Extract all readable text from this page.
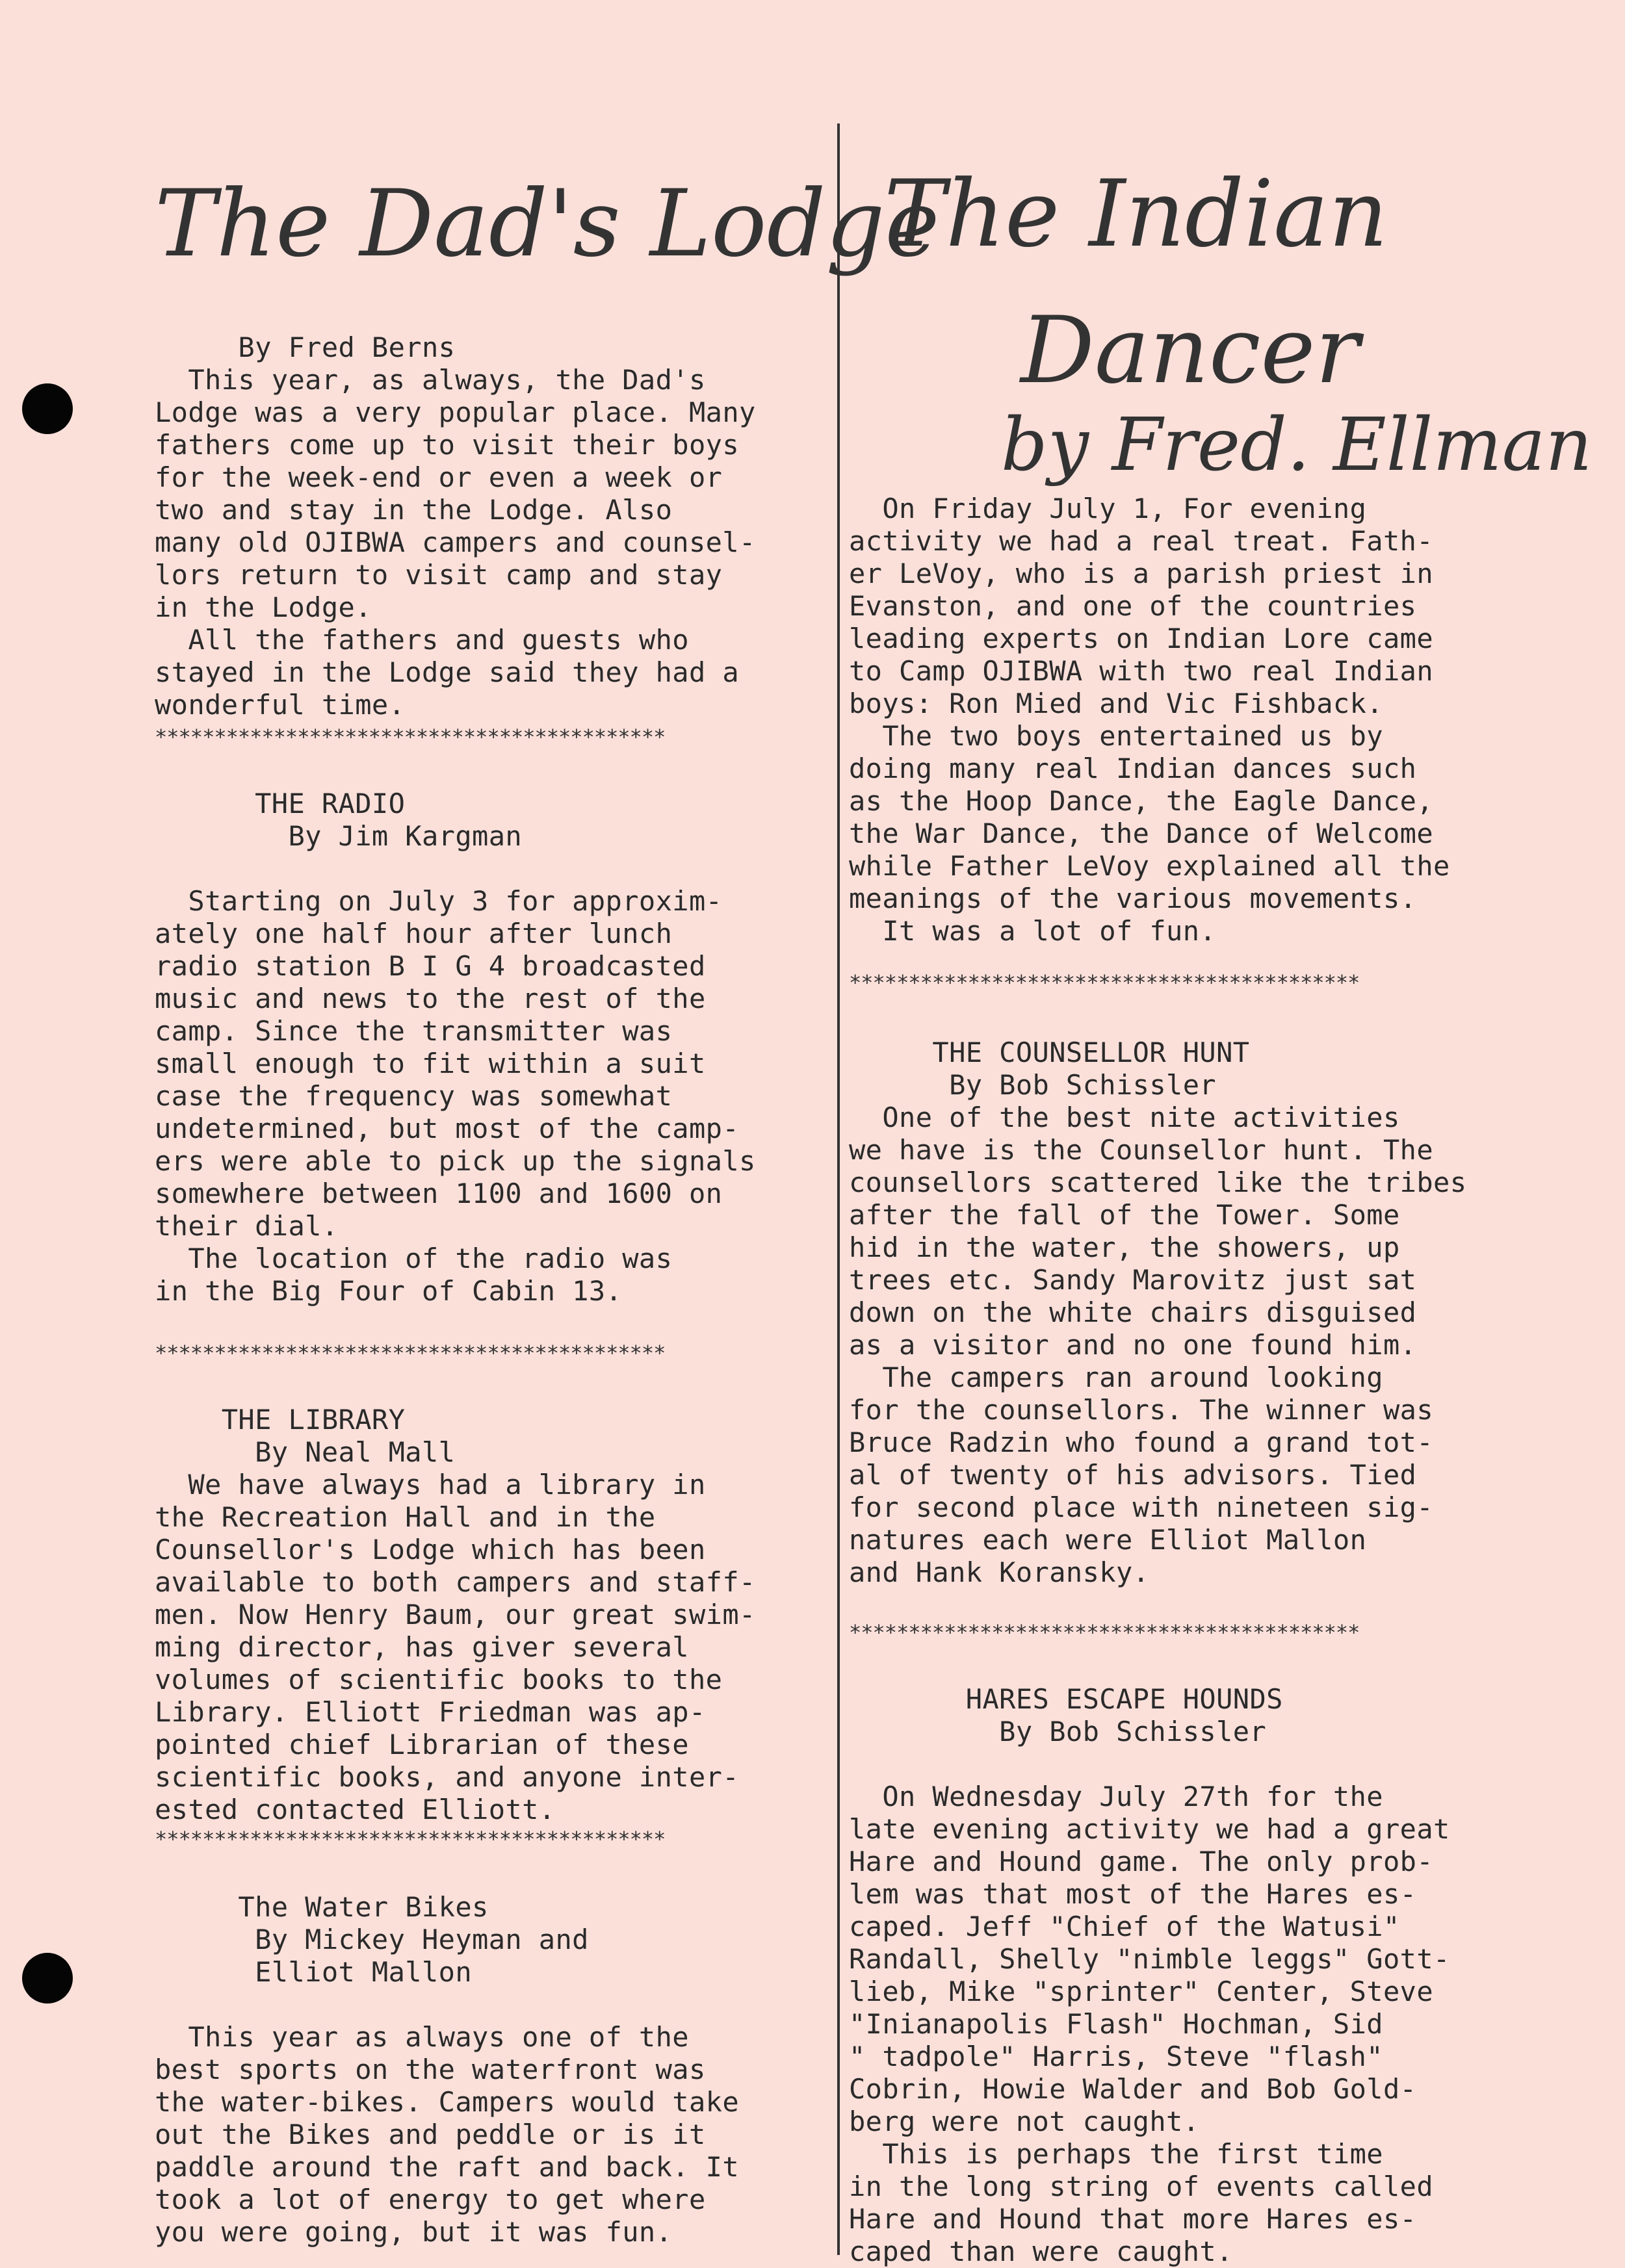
The Dad's Lodge
By Fred Berns
This year, as always, the Dad's
Lodge was a very popular place. Many
fathers come up to visit their boys
for the week-end or even a week or
two and stay in the Lodge. Also
many old OJIBWA campers and counsel-
lors return to visit camp and stay
in the Lodge.
All the fathers and guests who
stayed in the Lodge said they had a
wonderful time.
*******************************************
THE RADIO
By Jim Kargman
Starting on July 3 for approxim-
ately one half hour after lunch
radio station B I G 4 broadcasted
music and news to the rest of the
camp. Since the transmitter was
small enough to fit within a suit
case the frequency was somewhat
undetermined, but most of the camp-
ers were able to pick up the signals
somewhere between 1100 and 1600 on
their dial.
The location of the radio was
in the Big Four of Cabin 13.
*******************************************
THE LIBRARY
By Neal Mall
We have always had a library in
the Recreation Hall and in the
Counsellor's Lodge which has been
available to both campers and staff-
men. Now Henry Baum, our great swim-
ming director, has giver several
volumes of scientific books to the
Library. Elliott Friedman was ap-
pointed chief Librarian of these
scientific books, and anyone inter-
ested contacted Elliott.
*******************************************
The Water Bikes
By Mickey Heyman and
Elliot Mallon
This year as always one of the
best sports on the waterfront was
the water-bikes. Campers would take
out the Bikes and peddle or is it
paddle around the raft and back. It
took a lot of energy to get where
you were going, but it was fun.
The Indian
Dancer
by Fred. Ellman
On Friday July 1, For evening
activity we had a real treat. Fath-
er LeVoy, who is a parish priest in
Evanston, and one of the countries
leading experts on Indian Lore came
to Camp OJIBWA with two real Indian
boys: Ron Mied and Vic Fishback.
The two boys entertained us by
doing many real Indian dances such
as the Hoop Dance, the Eagle Dance,
the War Dance, the Dance of Welcome
while Father LeVoy explained all the
meanings of the various movements.
It was a lot of fun.
*******************************************
THE COUNSELLOR HUNT
By Bob Schissler
One of the best nite activities
we have is the Counsellor hunt. The
counsellors scattered like the tribes
after the fall of the Tower. Some
hid in the water, the showers, up
trees etc. Sandy Marovitz just sat
down on the white chairs disguised
as a visitor and no one found him.
The campers ran around looking
for the counsellors. The winner was
Bruce Radzin who found a grand tot-
al of twenty of his advisors. Tied
for second place with nineteen sig-
natures each were Elliot Mallon
and Hank Koransky.
*******************************************
HARES ESCAPE HOUNDS
By Bob Schissler
On Wednesday July 27th for the
late evening activity we had a great
Hare and Hound game. The only prob-
lem was that most of the Hares es-
caped. Jeff "Chief of the Watusi"
Randall, Shelly "nimble leggs" Gott-
lieb, Mike "sprinter" Center, Steve
"Inianapolis Flash" Hochman, Sid
" tadpole" Harris, Steve "flash"
Cobrin, Howie Walder and Bob Gold-
berg were not caught.
This is perhaps the first time
in the long string of events called
Hare and Hound that more Hares es-
caped than were caught.
